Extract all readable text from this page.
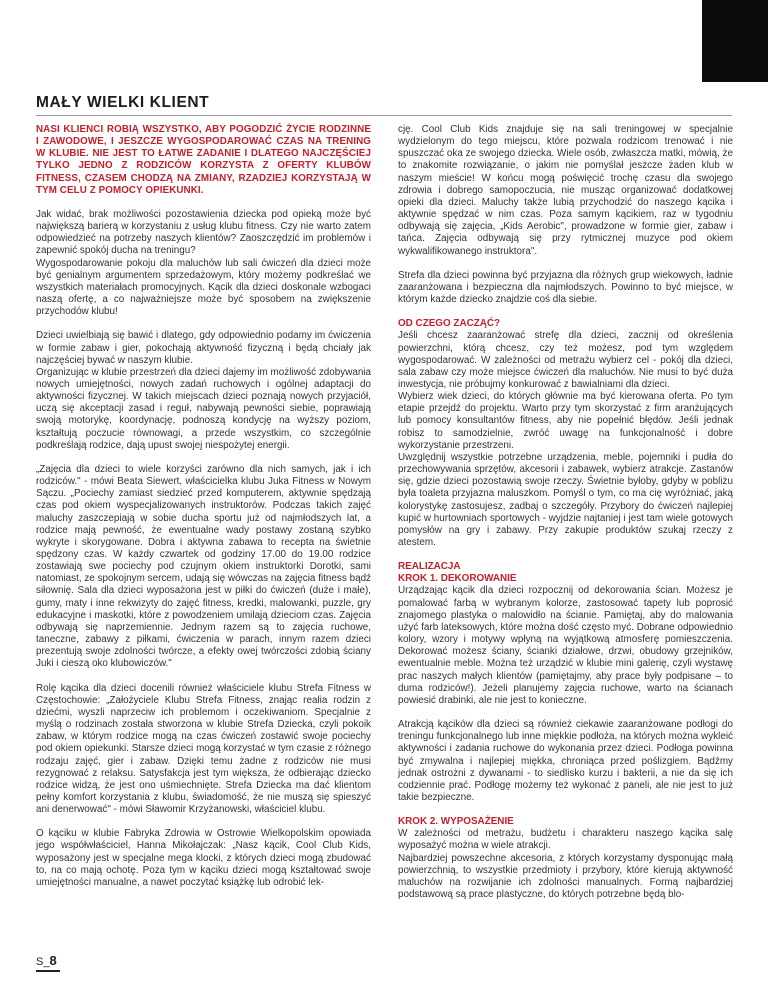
MAŁY WIELKI KLIENT

NASI KLIENCI ROBIĄ WSZYSTKO, ABY POGODZIĆ ŻYCIE RODZINNE I ZAWODOWE, I JESZCZE WYGOSPODAROWAĆ CZAS NA TRENING W KLUBIE. NIE JEST TO ŁATWE ZADANIE I DLATEGO NAJCZĘŚCIEJ TYLKO JEDNO Z RODZICÓW KORZYSTA Z OFERTY KLUBÓW FITNESS, CZASEM CHODZĄ NA ZMIANY, RZADZIEJ KORZYSTAJĄ W TYM CELU Z POMOCY OPIEKUNKI.

Jak widać, brak możliwości pozostawienia dziecka pod opieką może być największą barierą w korzystaniu z usług klubu fitness. Czy nie warto zatem odpowiedzieć na potrzeby naszych klientów? Zaoszczędzić im problemów i zapewnić spokój ducha na treningu?
Wygospodarowanie pokoju dla maluchów lub sali ćwiczeń dla dzieci może być genialnym argumentem sprzedażowym, który możemy podkreślać we wszystkich materiałach promocyjnych. Kącik dla dzieci doskonale wzbogaci naszą ofertę, a co najważniejsze może być sposobem na zwiększenie przychodów klubu!

Dzieci uwielbiają się bawić i dlatego, gdy odpowiednio podamy im ćwiczenia w formie zabaw i gier, pokochają aktywność fizyczną i będą chciały jak najczęściej bywać w naszym klubie.
Organizując w klubie przestrzeń dla dzieci dajemy im możliwość zdobywania nowych umiejętności, nowych zadań ruchowych i ogólnej adaptacji do aktywności fizycznej. W takich miejscach dzieci poznają nowych przyjaciół, uczą się akceptacji zasad i reguł, nabywają pewności siebie, poprawiają swoją motorykę, koordynację, podnoszą kondycję na wyższy poziom, kształtują poczucie równowagi, a przede wszystkim, co szczególnie podkreślają rodzice, dają upust swojej niespożytej energii.

„Zajęcia dla dzieci to wiele korzyści zarówno dla nich samych, jak i ich rodziców." - mówi Beata Siewert, właścicielka klubu Juka Fitness w Nowym Sączu. „Pociechy zamiast siedzieć przed komputerem, aktywnie spędzają czas pod okiem wyspecjalizowanych instruktorów. Podczas takich zajęć maluchy zaszczepiają w sobie ducha sportu już od najmłodszych lat, a rodzice mają pewność, że ewentualne wady postawy zostaną szybko wykryte i skorygowane. Dobra i aktywna zabawa to recepta na świetnie spędzony czas. W każdy czwartek od godziny 17.00 do 19.00 rodzice zostawiają swe pociechy pod czujnym okiem instruktorki Dorotki, sami natomiast, ze spokojnym sercem, udają się wówczas na zajęcia fitness bądź siłownię. Sala dla dzieci wyposażona jest w piłki do ćwiczeń (duże i małe), gumy, maty i inne rekwizyty do zajęć fitness, kredki, malowanki, puzzle, gry edukacyjne i maskotki, które z powodzeniem umilają dzieciom czas. Zajęcia odbywają się naprzemiennie. Jednym razem są to zajęcia ruchowe, taneczne, zabawy z piłkami, ćwiczenia w parach, innym razem dzieci prezentują swoje zdolności twórcze, a efekty owej twórczości zdobią ściany Juki i cieszą oko klubowiczów."

Rolę kącika dla dzieci docenili również właściciele klubu Strefa Fitness w Częstochowie: „Założyciele Klubu Strefa Fitness, znając realia rodzin z dziećmi, wyszli naprzeciw ich problemom i oczekiwaniom. Specjalnie z myślą o rodzinach została stworzona w klubie Strefa Dziecka, czyli pokoik zabaw, w którym rodzice mogą na czas ćwiczeń zostawić swoje pociechy pod okiem opiekunki. Starsze dzieci mogą korzystać w tym czasie z różnego rodzaju zajęć, gier i zabaw. Dzięki temu żadne z rodziców nie musi rezygnować z relaksu. Satysfakcja jest tym większa, że odbierając dziecko rodzice widzą, że jest ono uśmiechnięte. Strefa Dziecka ma dać klientom pełny komfort korzystania z klubu, świadomość, że nie muszą się spieszyć ani denerwować" - mówi Sławomir Krzyżanowski, właściciel klubu.

O kąciku w klubie Fabryka Zdrowia w Ostrowie Wielkopolskim opowiada jego współwłaściciel, Hanna Mikołajczak: „Nasz kącik, Cool Club Kids, wyposażony jest w specjalne mega klocki, z których dzieci mogą zbudować to, na co mają ochotę. Poza tym w kąciku dzieci mogą kształtować swoje umiejętności manualne, a nawet poczytać książkę lub odrobić lek-

cję. Cool Club Kids znajduje się na sali treningowej w specjalnie wydzielonym do tego miejscu, które pozwala rodzicom trenować i nie spuszczać oka ze swojego dziecka. Wiele osób, zwłaszcza matki, mówią, że to znakomite rozwiązanie, o jakim nie pomyślał jeszcze żaden klub w naszym mieście! W końcu mogą poświęcić trochę czasu dla swojego zdrowia i dobrego samopoczucia, nie musząc organizować dodatkowej opieki dla dzieci. Maluchy także lubią przychodzić do naszego kącika i aktywnie spędzać w nim czas. Poza samym kącikiem, raz w tygodniu odbywają się zajęcia, „Kids Aerobic", prowadzone w formie gier, zabaw i tańca. Zajęcia odbywają się przy rytmicznej muzyce pod okiem wykwalifikowanego instruktora".

Strefa dla dzieci powinna być przyjazna dla różnych grup wiekowych, ładnie zaaranżowana i bezpieczna dla najmłodszych. Powinno to być miejsce, w którym każde dziecko znajdzie coś dla siebie.

OD CZEGO ZACZĄĆ?

Jeśli chcesz zaaranżować strefę dla dzieci, zacznij od określenia powierzchni, którą chcesz, czy też możesz, pod tym względem wygospodarować. W zależności od metrażu wybierz cel - pokój dla dzieci, sala zabaw czy może miejsce ćwiczeń dla maluchów. Nie musi to być duża inwestycja, nie próbujmy konkurować z bawialniami dla dzieci.
Wybierz wiek dzieci, do których głównie ma być kierowana oferta. Po tym etapie przejdź do projektu. Warto przy tym skorzystać z firm aranżujących lub pomocy konsultantów fitness, aby nie popełnić błędów. Jeśli jednak robisz to samodzielnie, zwróć uwagę na funkcjonalność i dobre wykorzystanie przestrzeni.
Uwzględnij wszystkie potrzebne urządzenia, meble, pojemniki i pudła do przechowywania sprzętów, akcesorii i zabawek, wybierz atrakcje. Zastanów się, gdzie dzieci pozostawią swoje rzeczy. Świetnie byłoby, gdyby w pobliżu była toaleta przyjazna maluszkom. Pomyśl o tym, co ma cię wyróżniać, jaką kolorystykę zastosujesz, zadbaj o szczegóły. Przybory do ćwiczeń najlepiej kupić w hurtowniach sportowych - wyjdzie najtaniej i jest tam wiele gotowych pomysłów na gry i zabawy. Przy zakupie produktów szukaj rzeczy z atestem.

REALIZACJA
KROK 1. DEKOROWANIE

Urządzając kącik dla dzieci rozpocznij od dekorowania ścian. Możesz je pomalować farbą w wybranym kolorze, zastosować tapety lub poprosić znajomego plastyka o malowidło na ścianie. Pamiętaj, aby do malowania użyć farb lateksowych, które można dość często myć. Dobrane odpowiednio kolory, wzory i motywy wpłyną na wyjątkową atmosferę pomieszczenia. Dekorować możesz ściany, ścianki działowe, drzwi, obudowy grzejników, ewentualnie meble. Można też urządzić w klubie mini galerię, czyli wystawę prac naszych małych klientów (pamiętajmy, aby prace były podpisane – to duma rodziców!). Jeżeli planujemy zajęcia ruchowe, warto na ścianach powiesić drabinki, ale nie jest to konieczne.

Atrakcją kącików dla dzieci są również ciekawie zaaranżowane podłogi do treningu funkcjonalnego lub inne miękkie podłoża, na których można wykleić aktywności i zadania ruchowe do wykonania przez dzieci. Podłoga powinna być zmywalna i najlepiej miękka, chroniąca przed poślizgiem. Bądźmy jednak ostrożni z dywanami - to siedlisko kurzu i bakterii, a nie da się ich codziennie prać. Podłogę możemy też wykonać z paneli, ale nie jest to już takie bezpieczne.

KROK 2. WYPOSAŻENIE

W zależności od metrażu, budżetu i charakteru naszego kącika salę wyposażyć można w wiele atrakcji.
Najbardziej powszechne akcesoria, z których korzystamy dysponując małą powierzchnią, to wszystkie przedmioty i przybory, które kierują aktywność maluchów na rozwijanie ich zdolności manualnych. Formą najbardziej podstawową są prace plastyczne, do których potrzebne będą blo-

S_8
